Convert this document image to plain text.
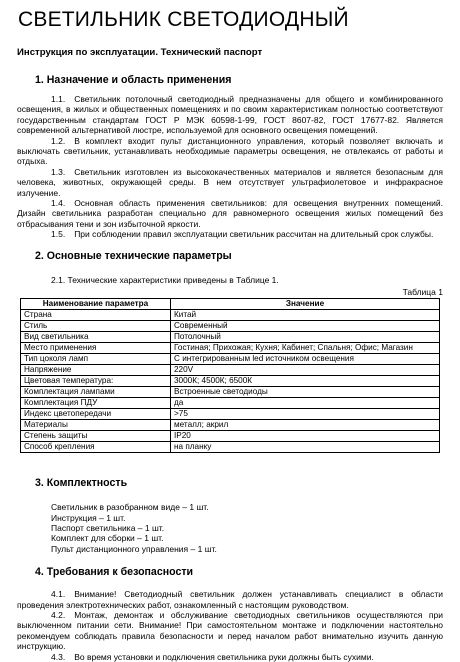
СВЕТИЛЬНИК СВЕТОДИОДНЫЙ
Инструкция по эксплуатации. Технический паспорт
1. Назначение и область применения

1.1. Светильник потолочный светодиодный предназначены для общего и комбинированного освещения, в жилых и общественных помещениях и по своим характеристикам полностью соответствуют государственным стандартам ГОСТ Р МЭК 60598-1-99, ГОСТ 8607-82, ГОСТ 17677-82. Является современной альтернативой люстре, используемой для основного освещения помещений.

1.2. В комплект входит пульт дистанционного управления, который позволяет включать и выключать светильник, устанавливать необходимые параметры освещения, не отвлекаясь от работы и отдыха.

1.3. Светильник изготовлен из высококачественных материалов и является безопасным для человека, животных, окружающей среды. В нем отсутствует ультрафиолетовое и инфракрасное излучение.

1.4. Основная область применения светильников: для освещения внутренних помещений. Дизайн светильника разработан специально для равномерного освещения жилых помещений без отбрасывания тени и зон избыточной яркости.

1.5. При соблюдении правил эксплуатации светильник рассчитан на длительный срок службы.

2. Основные технические параметры

2.1. Технические характеристики приведены в Таблице 1.

Таблица 1
Наименование параметра	Значение
Страна	Китай
Стиль	Современный
Вид светильника	Потолочный
Место применения	Гостиная; Прихожая; Кухня; Кабинет; Спальня; Офис; Магазин
Тип цоколя ламп	С интегрированным led источником освещения
Напряжение	220V
Цветовая температура:	3000К; 4500К; 6500К
Комплектация лампами	Встроенные светодиоды
Комплектация ПДУ	да
Индекс цветопередачи	>75
Материалы	металл; акрил
Степень защиты	IP20
Способ крепления	на планку
3. Комплектность
Светильник в разобранном виде – 1 шт.
Инструкция – 1 шт.
Паспорт светильника – 1 шт.
Комплект для сборки – 1 шт.
Пульт дистанционного управления – 1 шт.
4. Требования к безопасности

4.1. Внимание! Светодиодный светильник должен устанавливать специалист в области проведения электротехнических работ, ознакомленный с настоящим руководством.

4.2. Монтаж, демонтаж и обслуживание светодиодных светильников осуществляются при выключенном питании сети. Внимание! При самостоятельном монтаже и подключении настоятельно рекомендуем соблюдать правила безопасности и перед началом работ внимательно изучить данную инструкцию.

4.3. Во время установки и подключения светильника руки должны быть сухими.
